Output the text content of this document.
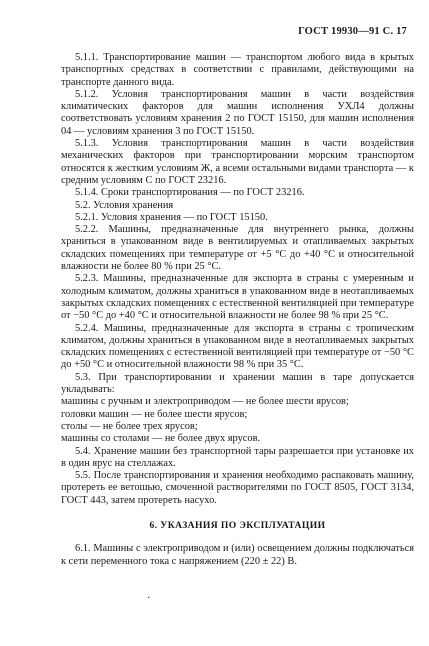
ГОСТ 19930—91 С. 17

5.1.1. Транспортирование машин — транспортом любого вида в крытых транспортных средствах в соответствии с правилами, действующими на транспорте данного вида.

5.1.2. Условия транспортирования машин в части воздействия климатических факторов для машин исполнения УХЛ4 должны соответствовать условиям хранения 2 по ГОСТ 15150, для машин исполнения 04 — условиям хранения 3 по ГОСТ 15150.

5.1.3. Условия транспортирования машин в части воздействия механических факторов при транспортировании морским транспортом относятся к жестким условиям Ж, а всеми остальными видами транспорта — к средним условиям С по ГОСТ 23216.

5.1.4. Сроки транспортирования — по ГОСТ 23216.

5.2. Условия хранения

5.2.1. Условия хранения — по ГОСТ 15150.

5.2.2. Машины, предназначенные для внутреннего рынка, должны храниться в упакованном виде в вентилируемых и отапливаемых закрытых складских помещениях при температуре от +5 °С до +40 °С и относительной влажности не более 80 % при 25 °С.

5.2.3. Машины, предназначенные для экспорта в страны с умеренным и холодным климатом, должны храниться в упакованном виде в неотапливаемых закрытых складских помещениях с естественной вентиляцией при температуре от −50 °С до +40 °С и относительной влажности не более 98 % при 25 °С.

5.2.4. Машины, предназначенные для экспорта в страны с тропическим климатом, должны храниться в упакованном виде в неотапливаемых закрытых складских помещениях с естественной вентиляцией при температуре от −50 °С до +50 °С и относительной влажности 98 % при 35 °С.

5.3. При транспортировании и хранении машин в таре допускается укладывать:

машины с ручным и электроприводом — не более шести ярусов;

головки машин — не более шести ярусов;

столы — не более трех ярусов;

машины со столами — не более двух ярусов.

5.4. Хранение машин без транспортной тары разрешается при установке их в один ярус на стеллажах.

5.5. После транспортирования и хранения необходимо распаковать машину, протереть ее ветошью, смоченной растворителями по ГОСТ 8505, ГОСТ 3134, ГОСТ 443, затем протереть насухо.

6. УКАЗАНИЯ ПО ЭКСПЛУАТАЦИИ

6.1. Машины с электроприводом и (или) освещением должны подключаться к сети переменного тока с напряжением (220 ± 22) В.

·
